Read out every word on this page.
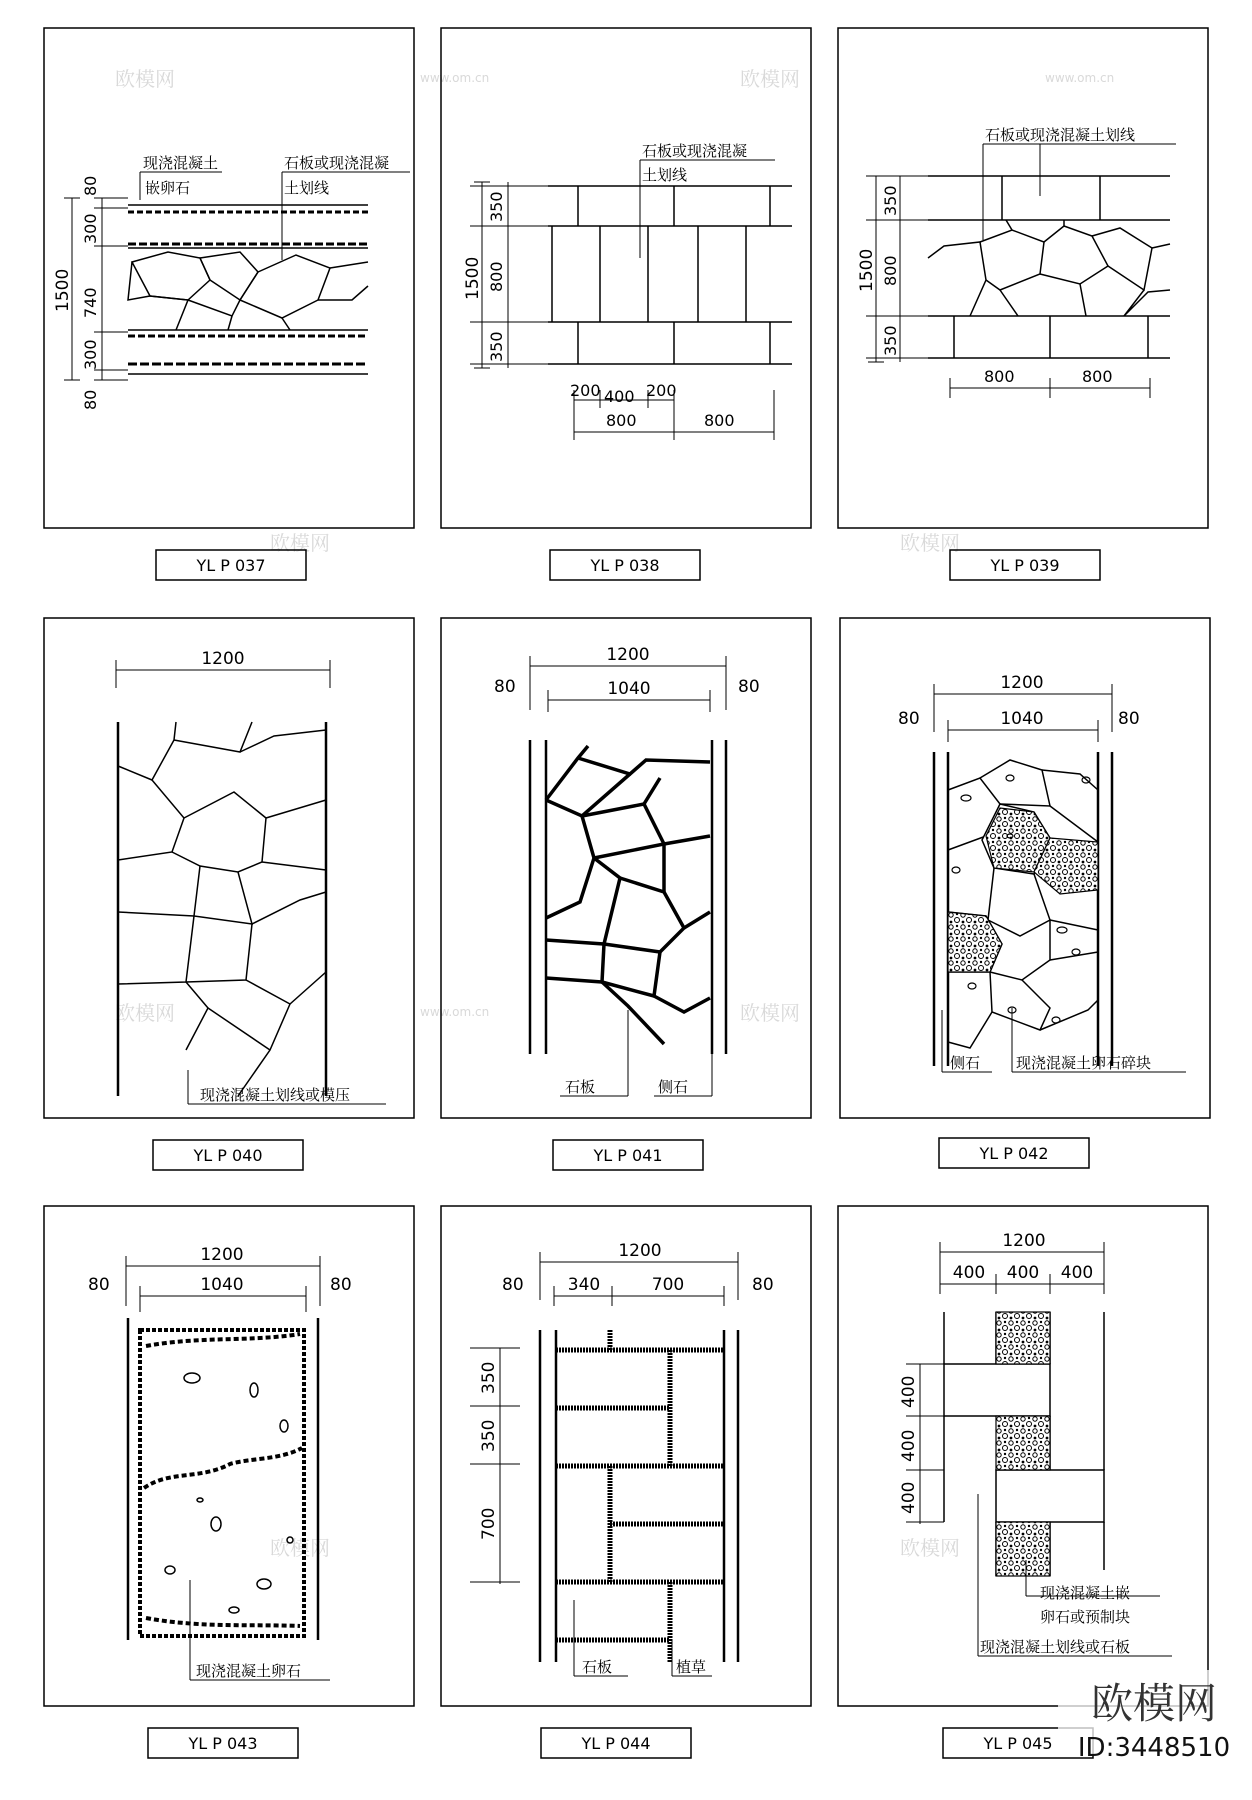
欧模网	www.om.cn	欧模网	www.om.cn
欧模网	欧模网
欧模网	www.om.cn	欧模网
欧模网	欧模网
现浇混凝土
嵌卵石
石板或现浇混凝
土划线
1500
80
300
740
300
80
YL P 037
石板或现浇混凝
土划线
1500
350
800
350
200 400 200
800	800
YL P 038
石板或现浇混凝土划线
1500
350
800
350
800	800
YL P 039
1200
现浇混凝土划线或模压
YL P 040
1200
1040
80	80
石板	侧石
YL P 041
1200
1040
80	80
侧石 现浇混凝土卵石碎块
YL P 042
1200
1040
80	80
现浇混凝土卵石
YL P 043
1200
340	700
80	80
350
350
700
石板	植草
YL P 044
1200
400 400 400
400
400
400
现浇混凝土嵌
卵石或预制块
现浇混凝土划线或石板
YL P 045
欧模网
ID:3448510
